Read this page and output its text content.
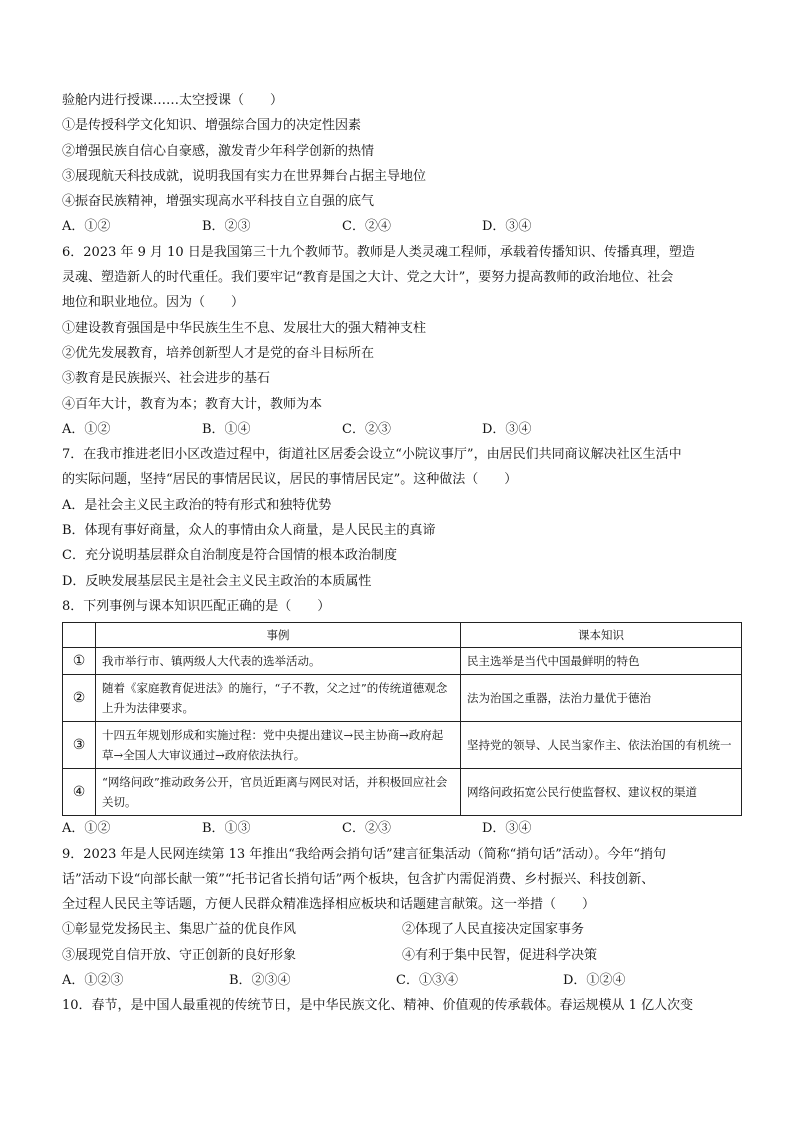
验舱内进行授课……太空授课（　　）
①是传授科学文化知识、增强综合国力的决定性因素
②增强民族自信心自豪感，激发青少年科学创新的热情
③展现航天科技成就，说明我国有实力在世界舞台占据主导地位
④振奋民族精神，增强实现高水平科技自立自强的底气
A．①②	B．②③	C．②④	D．③④
6．2023 年 9 月 10 日是我国第三十九个教师节。教师是人类灵魂工程师，承载着传播知识、传播真理，塑造
灵魂、塑造新人的时代重任。我们要牢记“教育是国之大计、党之大计”，要努力提高教师的政治地位、社会
地位和职业地位。因为（　　）
①建设教育强国是中华民族生生不息、发展壮大的强大精神支柱
②优先发展教育，培养创新型人才是党的奋斗目标所在
③教育是民族振兴、社会进步的基石
④百年大计，教育为本；教育大计，教师为本
A．①②	B．①④	C．②③	D．③④
7．在我市推进老旧小区改造过程中，街道社区居委会设立“小院议事厅”，由居民们共同商议解决社区生活中
的实际问题，坚持“居民的事情居民议，居民的事情居民定”。这种做法（　　）
A．是社会主义民主政治的特有形式和独特优势
B．体现有事好商量，众人的事情由众人商量，是人民民主的真谛
C．充分说明基层群众自治制度是符合国情的根本政治制度
D．反映发展基层民主是社会主义民主政治的本质属性
8．下列事例与课本知识匹配正确的是（　　）
	事例	课本知识
①	我市举行市、镇两级人大代表的选举活动。	民主选举是当代中国最鲜明的特色
②	随着《家庭教育促进法》的施行，“子不教，父之过”的传统道德观念上升为法律要求。	法为治国之重器，法治力量优于德治
③	十四五年规划形成和实施过程：党中央提出建议→民主协商→政府起草→全国人大审议通过→政府依法执行。	坚持党的领导、人民当家作主、依法治国的有机统一
④	“网络问政”推动政务公开，官员近距离与网民对话，并积极回应社会关切。	网络问政拓宽公民行使监督权、建议权的渠道
A．①②	B．①③	C．②③	D．③④
9．2023 年是人民网连续第 13 年推出“我给两会捎句话”建言征集活动（简称“捎句话”活动）。今年“捎句
话”活动下设“向部长献一策”“托书记省长捎句话”两个板块，包含扩内需促消费、乡村振兴、科技创新、
全过程人民民主等话题，方便人民群众精准选择相应板块和话题建言献策。这一举措（　　）
①彰显党发扬民主、集思广益的优良作风	②体现了人民直接决定国家事务
③展现党自信开放、守正创新的良好形象	④有利于集中民智，促进科学决策
A．①②③	B．②③④	C．①③④	D．①②④
10．春节，是中国人最重视的传统节日，是中华民族文化、精神、价值观的传承载体。春运规模从 1 亿人次变
